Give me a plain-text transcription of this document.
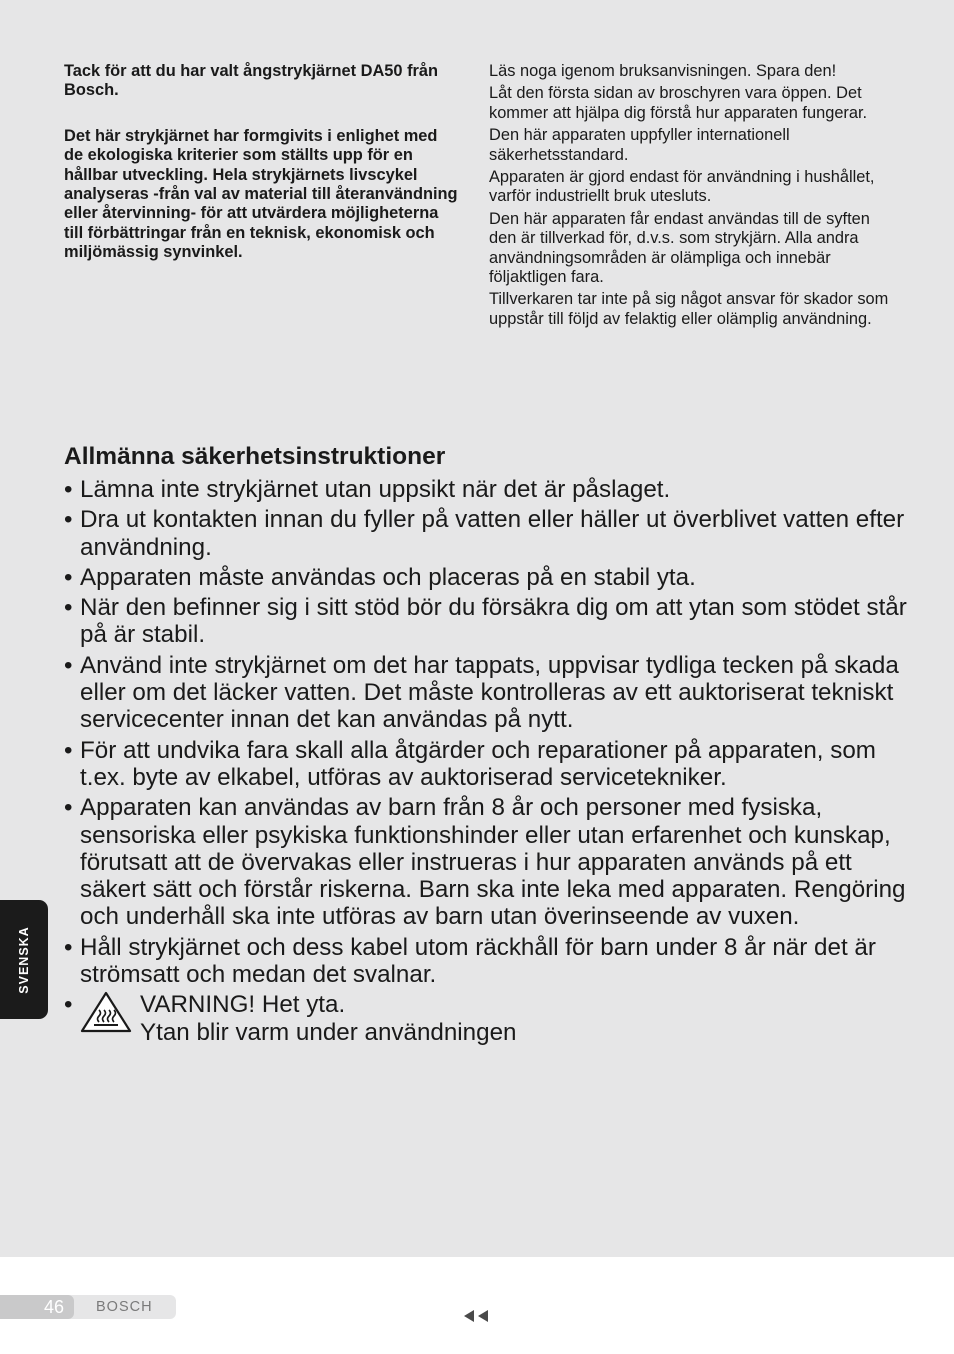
Tack för att du har valt ångstrykjärnet DA50 från Bosch.

Det här strykjärnet har formgivits i enlighet med de ekologiska kriterier som ställts upp för en hållbar utveckling. Hela strykjärnets livscykel analyseras -från val av material till återanvändning eller återvinning- för att utvärdera möjligheterna till förbättringar från en teknisk, ekonomisk och miljömässig synvinkel.

Läs noga igenom bruksanvisningen. Spara den!

Låt den första sidan av broschyren vara öppen. Det kommer att hjälpa dig förstå hur apparaten fungerar.

Den här apparaten uppfyller internationell säkerhetsstandard.

Apparaten är gjord endast för användning i hushållet, varför industriellt bruk utesluts.

Den här apparaten får endast användas till de syften den är tillverkad för, d.v.s. som strykjärn. Alla andra användningsområden är olämpliga och innebär följaktligen fara.

Tillverkaren tar inte på sig något ansvar för skador som uppstår till följd av felaktig eller olämplig användning.

Allmänna säkerhetsinstruktioner
• Lämna inte strykjärnet utan uppsikt när det är påslaget.
• Dra ut kontakten innan du fyller på vatten eller häller ut överblivet vatten efter användning.
• Apparaten måste användas och placeras på en stabil yta.
• När den befinner sig i sitt stöd bör du försäkra dig om att ytan som stödet står på är stabil.
• Använd inte strykjärnet om det har tappats, uppvisar tydliga tecken på skada eller om det läcker vatten. Det måste kontrolleras av ett auktoriserat tekniskt servicecenter innan det kan användas på nytt.
• För att undvika fara skall alla åtgärder och reparationer på apparaten, som t.ex. byte av elkabel, utföras av auktoriserad servicetekniker.
• Apparaten kan användas av barn från 8 år och personer med fysiska, sensoriska eller psykiska funktionshinder eller utan erfarenhet och kunskap, förutsatt att de övervakas eller instrueras i hur apparaten används på ett säkert sätt och förstår riskerna. Barn ska inte leka med apparaten. Rengöring och underhåll ska inte utföras av barn utan överinseende av vuxen.
• Håll strykjärnet och dess kabel utom räckhåll för barn under 8 år när det är strömsatt och medan det svalnar.
•	VARNING! Het yta.
Ytan blir varm under användningen
SVENSKA
46 BOSCH
